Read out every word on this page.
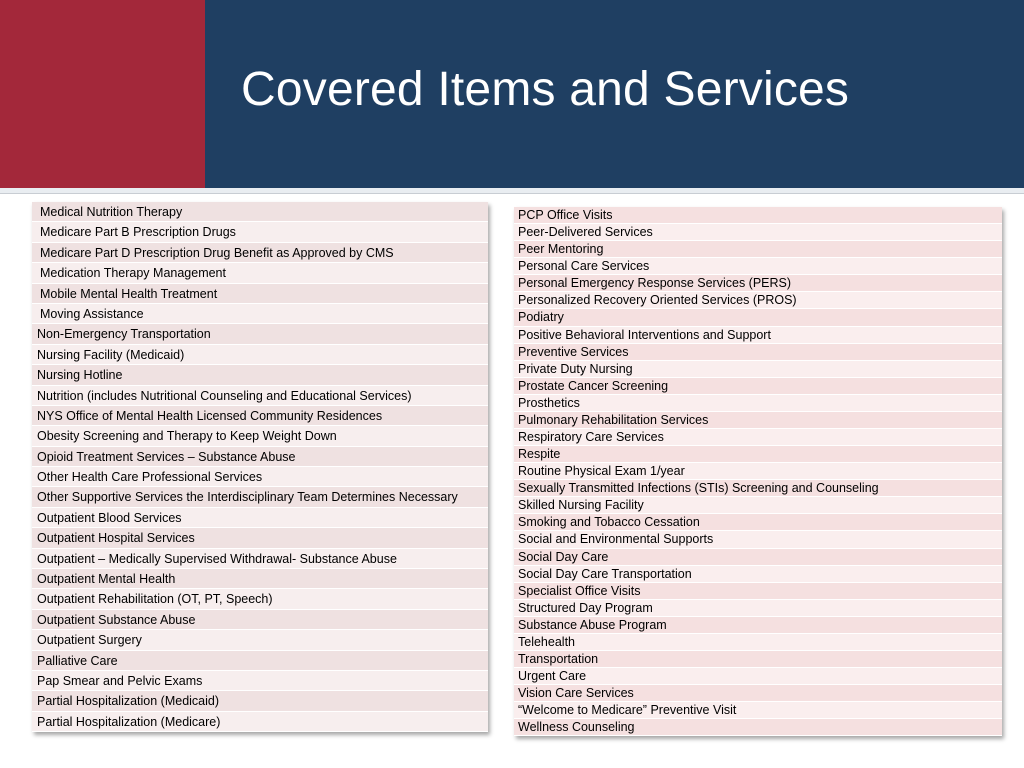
Covered Items and Services
Medical Nutrition Therapy
Medicare Part B Prescription Drugs
Medicare Part D Prescription Drug Benefit as Approved by CMS
Medication Therapy Management
Mobile Mental Health Treatment
Moving Assistance
Non-Emergency Transportation
Nursing Facility (Medicaid)
Nursing Hotline
Nutrition (includes Nutritional Counseling and Educational Services)
NYS Office of Mental Health Licensed Community Residences
Obesity Screening and Therapy to Keep Weight Down
Opioid Treatment Services – Substance Abuse
Other Health Care Professional Services
Other Supportive Services the Interdisciplinary Team Determines Necessary
Outpatient Blood Services
Outpatient Hospital Services
Outpatient – Medically Supervised Withdrawal- Substance Abuse
Outpatient Mental Health
Outpatient Rehabilitation (OT, PT, Speech)
Outpatient Substance Abuse
Outpatient Surgery
Palliative Care
Pap Smear and Pelvic Exams
Partial Hospitalization (Medicaid)
Partial Hospitalization (Medicare)
PCP Office Visits
Peer-Delivered Services
Peer Mentoring
Personal Care Services
Personal Emergency Response Services (PERS)
Personalized Recovery Oriented Services (PROS)
Podiatry
Positive Behavioral Interventions and Support
Preventive Services
Private Duty Nursing
Prostate Cancer Screening
Prosthetics
Pulmonary Rehabilitation Services
Respiratory Care Services
Respite
Routine Physical Exam 1/year
Sexually Transmitted Infections (STIs) Screening and Counseling
Skilled Nursing Facility
Smoking and Tobacco Cessation
Social and Environmental Supports
Social Day Care
Social Day Care Transportation
Specialist Office Visits
Structured Day Program
Substance Abuse Program
Telehealth
Transportation
Urgent Care
Vision Care Services
“Welcome to Medicare” Preventive Visit
Wellness Counseling
